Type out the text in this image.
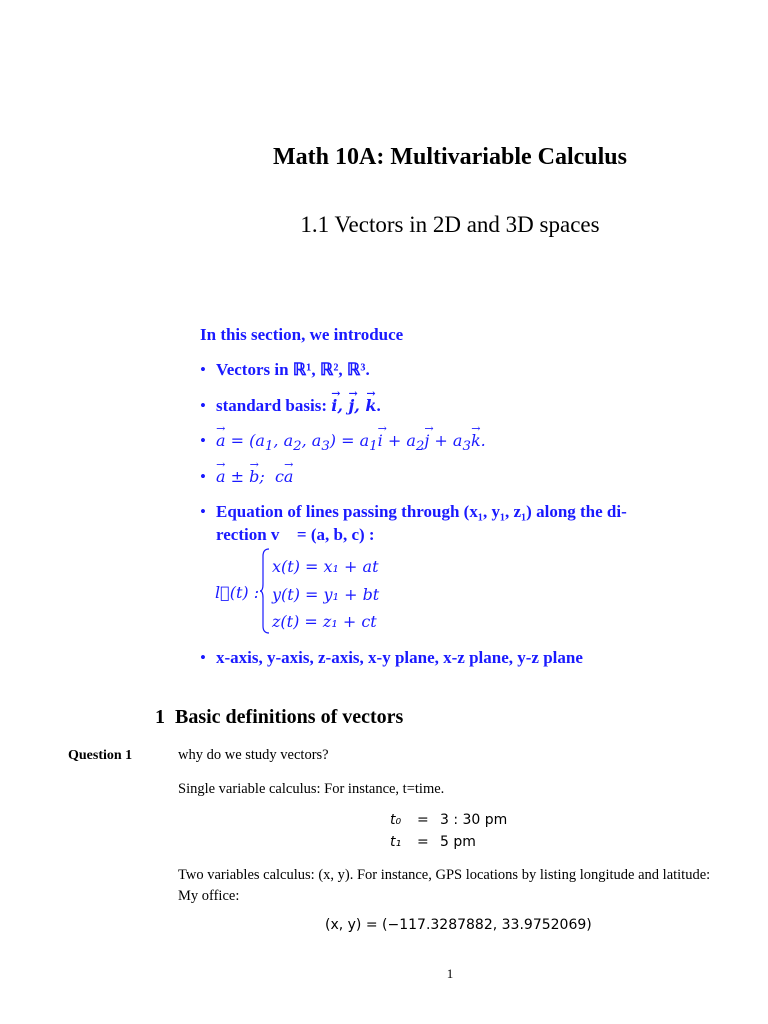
Math 10A: Multivariable Calculus
1.1 Vectors in 2D and 3D spaces
In this section, we introduce
• Vectors in ℝ¹, ℝ², ℝ³.
• standard basis: → i, → j, → k.
• → $a = (a_1$, $a_2$, $a_3) = a_1\to i + a_2\to j + a_3\to k$.
• → a ± → b;  c→ a
• Equation of lines passing through (x₁, y₁, z₁) along the di-
rection v⃗ = (a, b, c) :
l⃗(t) :
x(t) = x₁ + at
y(t) = y₁ + bt
z(t) = z₁ + ct
• x-axis, y-axis, z-axis, x-y plane, x-z plane, y-z plane
1 Basic definitions of vectors
Question 1	why do we study vectors?
Single variable calculus: For instance, t=time.
t₀ = 3 : 30 pm
t₁ = 5 pm
Two variables calculus: (x, y). For instance, GPS locations by listing longitude and latitude: My office:
(x, y) = (−117.3287882, 33.9752069)
1
